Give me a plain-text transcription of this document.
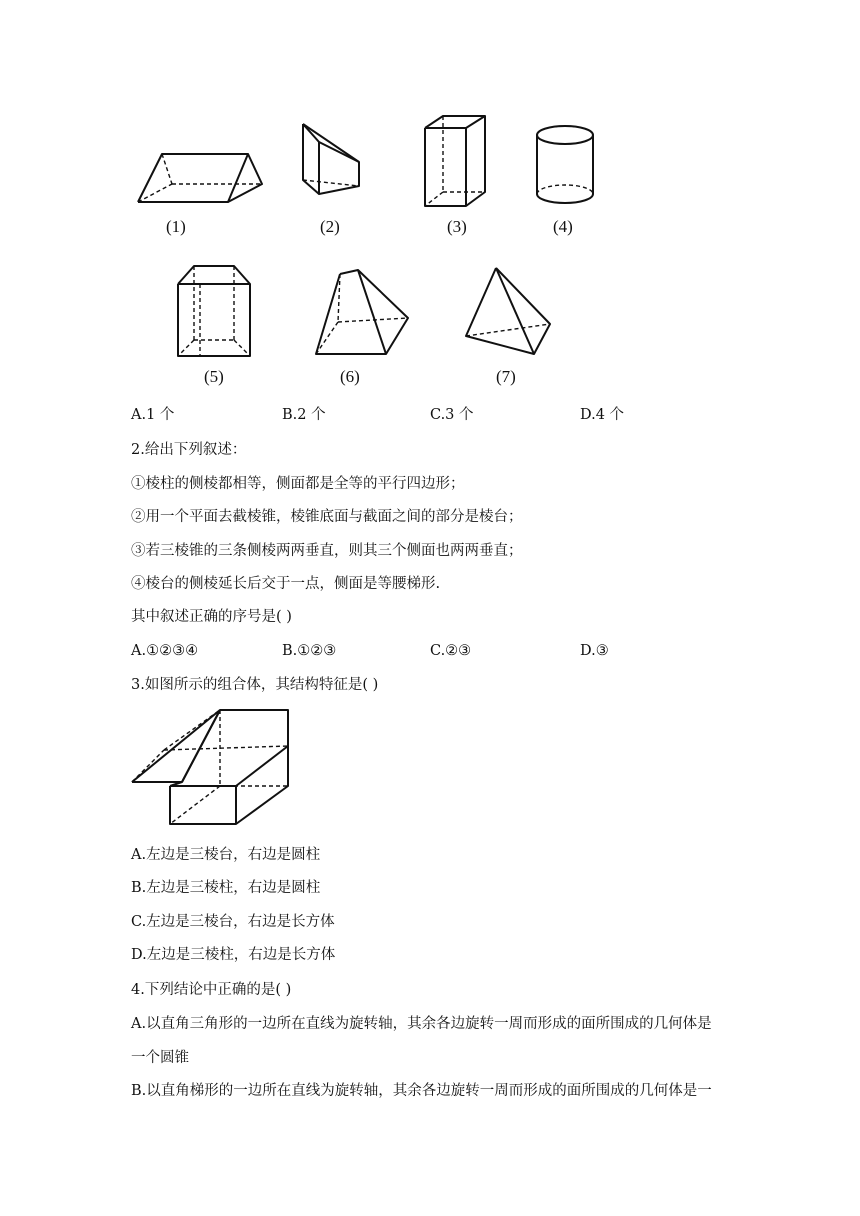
(1)	(2)	(3)	(4)
(5)	(6)	(7)
A.1 个	B.2 个	C.3 个	D.4 个
2.给出下列叙述：
①棱柱的侧棱都相等，侧面都是全等的平行四边形；
②用一个平面去截棱锥，棱锥底面与截面之间的部分是棱台；
③若三棱锥的三条侧棱两两垂直，则其三个侧面也两两垂直；
④棱台的侧棱延长后交于一点，侧面是等腰梯形.
其中叙述正确的序号是( )
A.①②③④	B.①②③	C.②③	D.③
3.如图所示的组合体，其结构特征是( )
A.左边是三棱台，右边是圆柱
B.左边是三棱柱，右边是圆柱
C.左边是三棱台，右边是长方体
D.左边是三棱柱，右边是长方体
4.下列结论中正确的是( )
A.以直角三角形的一边所在直线为旋转轴，其余各边旋转一周而形成的面所围成的几何体是
一个圆锥
B.以直角梯形的一边所在直线为旋转轴，其余各边旋转一周而形成的面所围成的几何体是一
